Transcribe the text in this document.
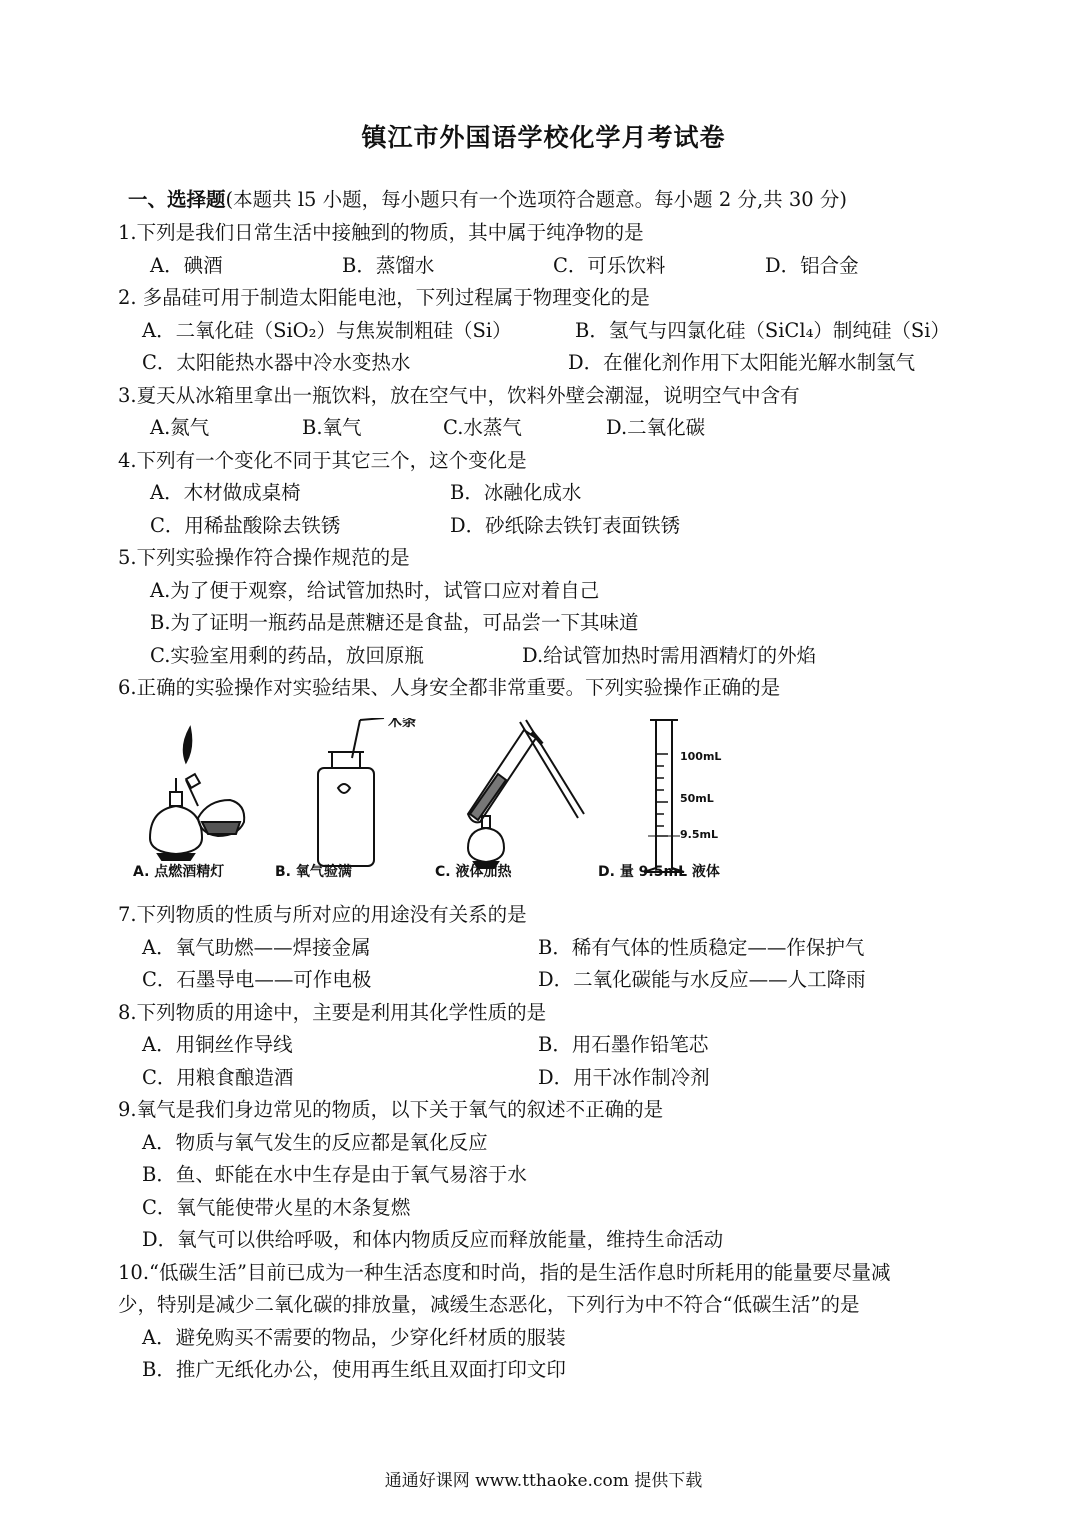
镇江市外国语学校化学月考试卷
一、选择题(本题共 l5 小题，每小题只有一个选项符合题意。每小题 2 分,共 30 分)
1.下列是我们日常生活中接触到的物质，其中属于纯净物的是
A．碘酒	B．蒸馏水	C．可乐饮料	D．铝合金
2. 多晶硅可用于制造太阳能电池，下列过程属于物理变化的是
A．二氧化硅（SiO₂）与焦炭制粗硅（Si）	B．氢气与四氯化硅（SiCl₄）制纯硅（Si）
C．太阳能热水器中冷水变热水	D．在催化剂作用下太阳能光解水制氢气
3.夏天从冰箱里拿出一瓶饮料，放在空气中，饮料外壁会潮湿，说明空气中含有
A.氮气	B.氧气	C.水蒸气	D.二氧化碳
4.下列有一个变化不同于其它三个，这个变化是
A．木材做成桌椅	B．冰融化成水
C．用稀盐酸除去铁锈	D．砂纸除去铁钉表面铁锈
5.下列实验操作符合操作规范的是
A.为了便于观察，给试管加热时，试管口应对着自己
B.为了证明一瓶药品是蔗糖还是食盐，可品尝一下其味道
C.实验室用剩的药品，放回原瓶	D.给试管加热时需用酒精灯的外焰
6.正确的实验操作对实验结果、人身安全都非常重要。下列实验操作正确的是
木条
100mL
50mL
9.5mL
A. 点燃酒精灯	B. 氧气验满	C. 液体加热	D. 量 9.5mL 液体
7.下列物质的性质与所对应的用途没有关系的是
A．氧气助燃——焊接金属	B．稀有气体的性质稳定——作保护气
C．石墨导电——可作电极	D．二氧化碳能与水反应——人工降雨
8.下列物质的用途中，主要是利用其化学性质的是
A．用铜丝作导线	B．用石墨作铅笔芯
C．用粮食酿造酒	D．用干冰作制冷剂
9.氧气是我们身边常见的物质，以下关于氧气的叙述不正确的是
A．物质与氧气发生的反应都是氧化反应
B．鱼、虾能在水中生存是由于氧气易溶于水
C．氧气能使带火星的木条复燃
D．氧气可以供给呼吸，和体内物质反应而释放能量，维持生命活动
10.“低碳生活”目前已成为一种生活态度和时尚，指的是生活作息时所耗用的能量要尽量减
少，特别是减少二氧化碳的排放量，减缓生态恶化，下列行为中不符合“低碳生活”的是
A．避免购买不需要的物品，少穿化纤材质的服装
B．推广无纸化办公，使用再生纸且双面打印文印
通通好课网 www.tthaoke.com 提供下载
